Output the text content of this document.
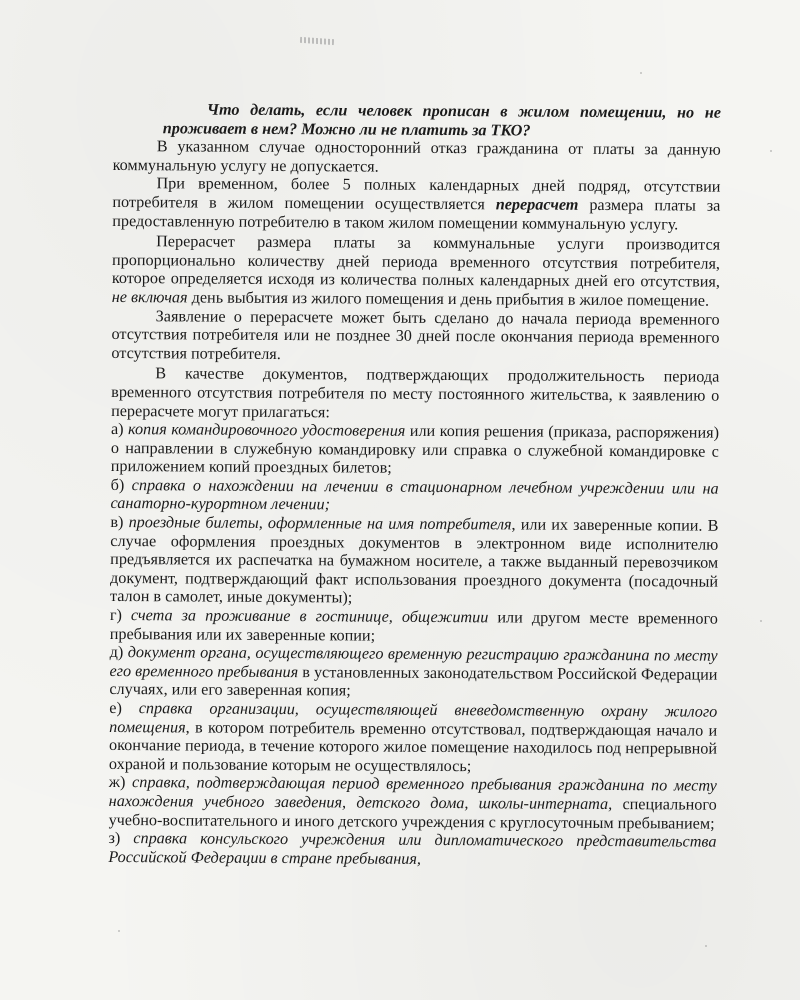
Что делать, если человек прописан в жилом помещении, но не проживает в нем? Можно ли не платить за ТКО?

В указанном случае односторонний отказ гражданина от платы за данную коммунальную услугу не допускается.

При временном, более 5 полных календарных дней подряд, отсутствии потребителя в жилом помещении осуществляется перерасчет размера платы за предоставленную потребителю в таком жилом помещении коммунальную услугу.

Перерасчет размера платы за коммунальные услуги производится пропорционально количеству дней периода временного отсутствия потребителя, которое определяется исходя из количества полных календарных дней его отсутствия, не включая день выбытия из жилого помещения и день прибытия в жилое помещение.

Заявление о перерасчете может быть сделано до начала периода временного отсутствия потребителя или не позднее 30 дней после окончания периода временного отсутствия потребителя.

В качестве документов, подтверждающих продолжительность периода временного отсутствия потребителя по месту постоянного жительства, к заявлению о перерасчете могут прилагаться:

а) копия командировочного удостоверения или копия решения (приказа, распоряжения) о направлении в служебную командировку или справка о служебной командировке с приложением копий проездных билетов;

б) справка о нахождении на лечении в стационарном лечебном учреждении или на санаторно-курортном лечении;

в) проездные билеты, оформленные на имя потребителя, или их заверенные копии. В случае оформления проездных документов в электронном виде исполнителю предъявляется их распечатка на бумажном носителе, а также выданный перевозчиком документ, подтверждающий факт использования проездного документа (посадочный талон в самолет, иные документы);

г) счета за проживание в гостинице, общежитии или другом месте временного пребывания или их заверенные копии;

д) документ органа, осуществляющего временную регистрацию гражданина по месту его временного пребывания в установленных законодательством Российской Федерации случаях, или его заверенная копия;

е) справка организации, осуществляющей вневедомственную охрану жилого помещения, в котором потребитель временно отсутствовал, подтверждающая начало и окончание периода, в течение которого жилое помещение находилось под непрерывной охраной и пользование которым не осуществлялось;

ж) справка, подтверждающая период временного пребывания гражданина по месту нахождения учебного заведения, детского дома, школы-интерната, специального учебно-воспитательного и иного детского учреждения с круглосуточным пребыванием;

з) справка консульского учреждения или дипломатического представительства Российской Федерации в стране пребывания,
